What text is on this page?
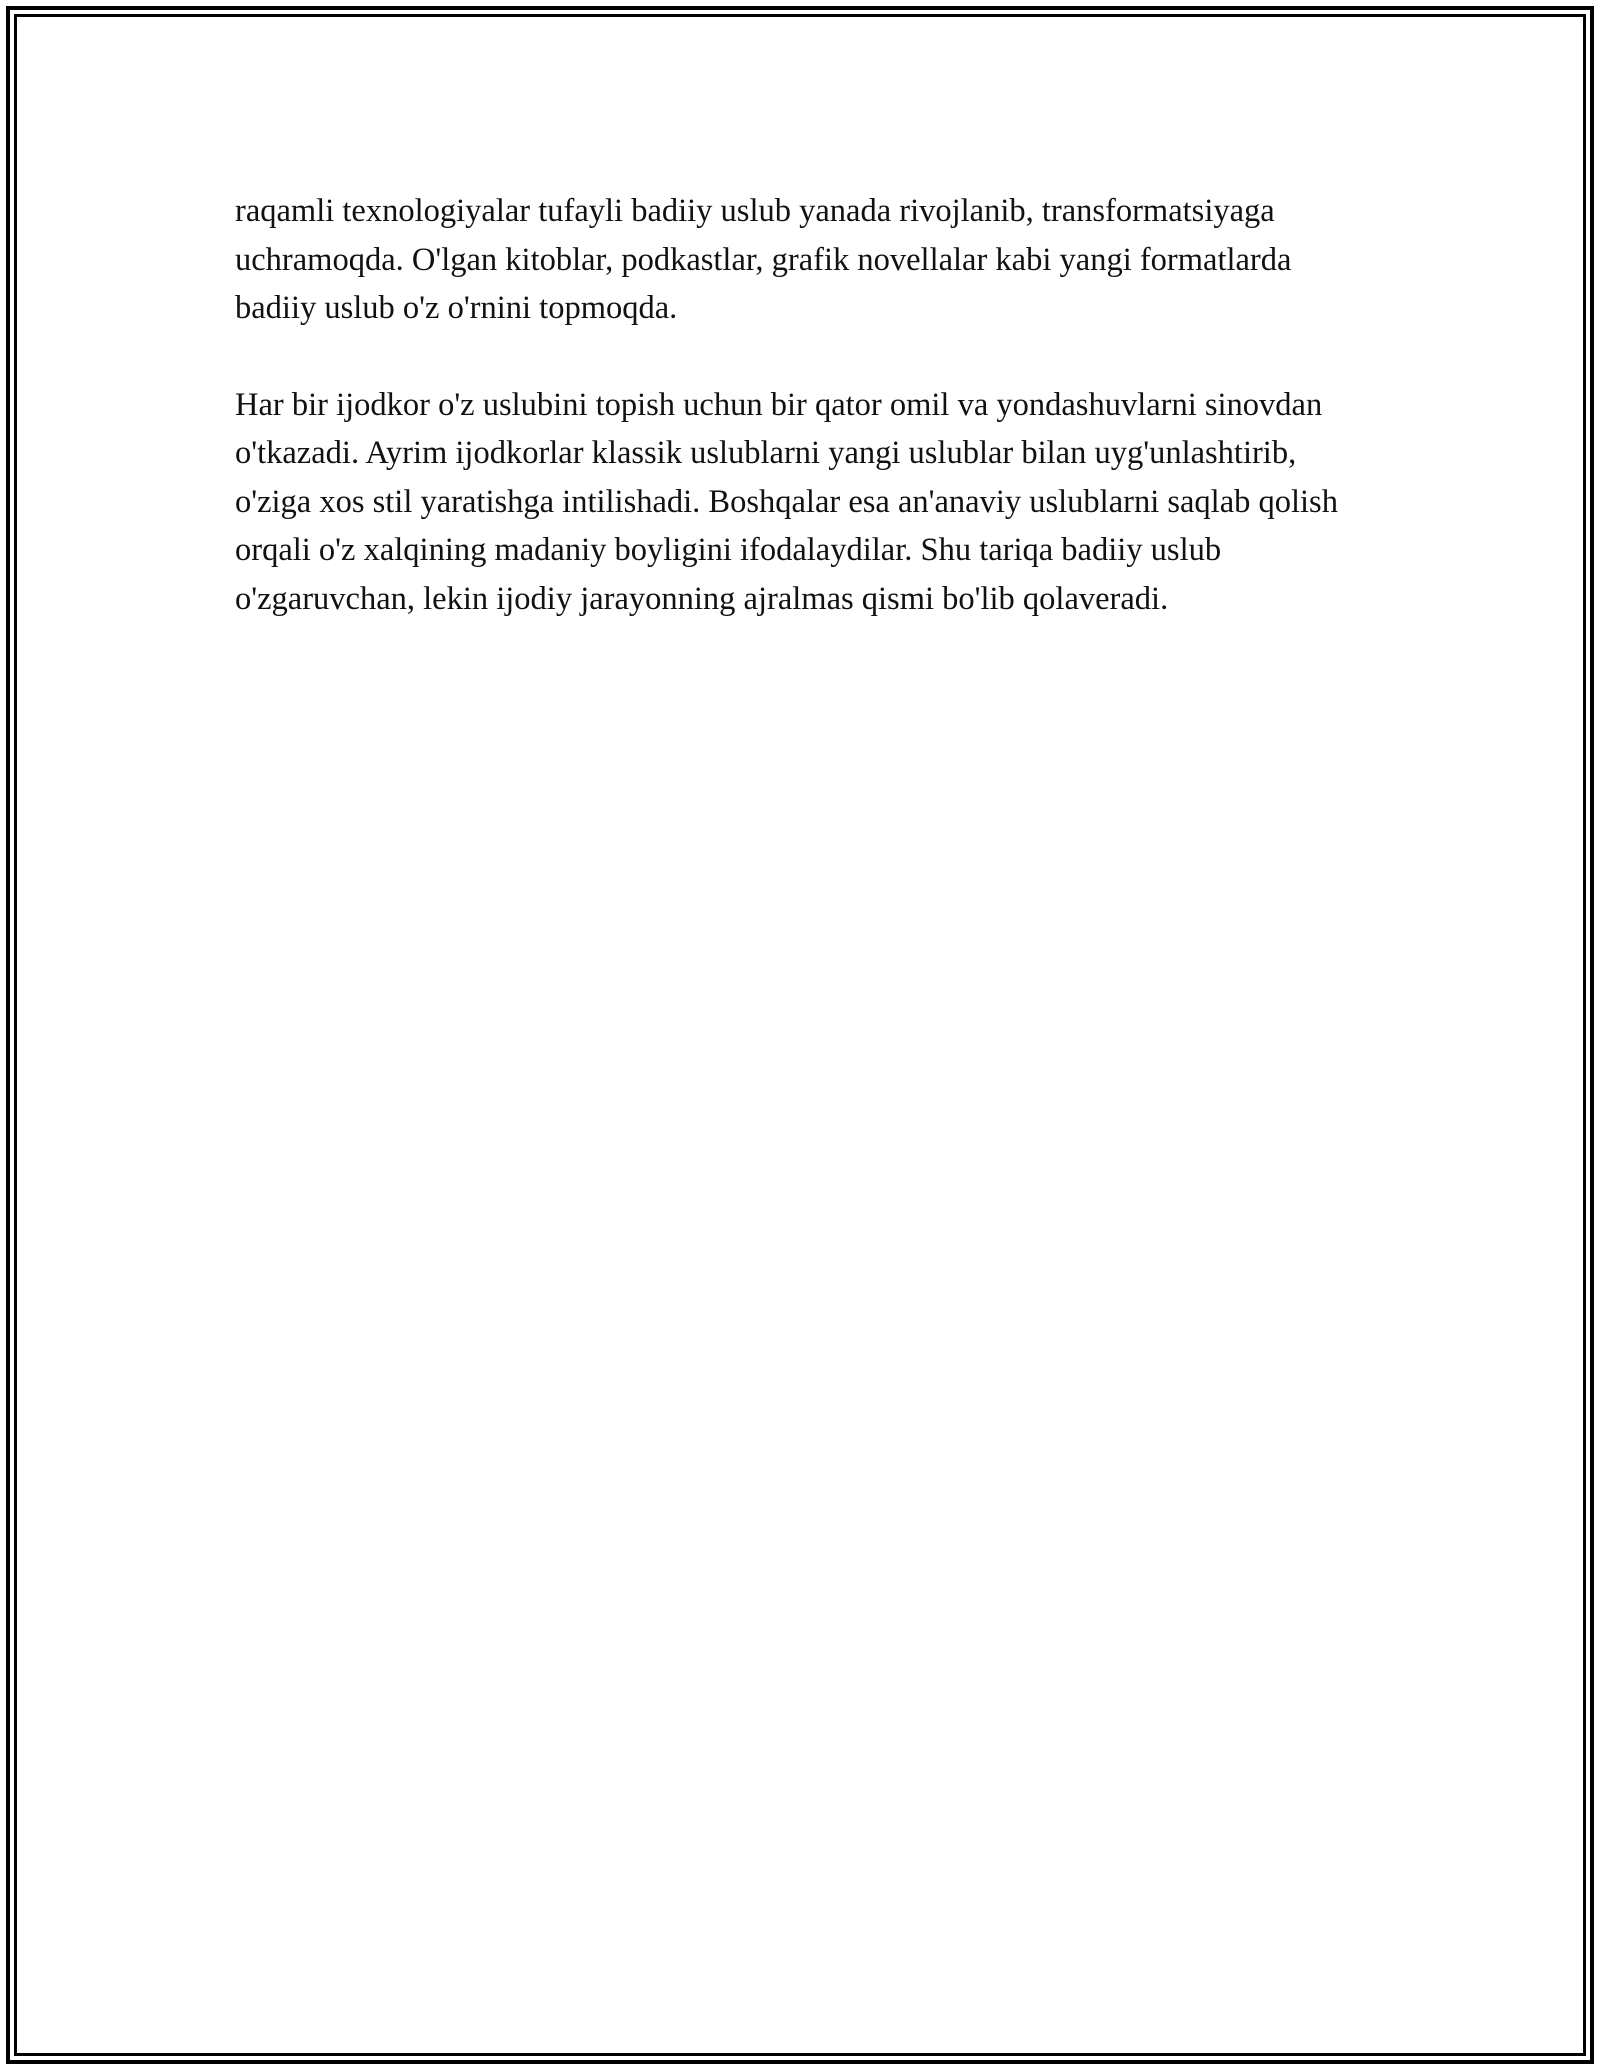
raqamli texnologiyalar tufayli badiiy uslub yanada rivojlanib, transformatsiyaga uchramoqda. O'lgan kitoblar, podkastlar, grafik novellalar kabi yangi formatlarda badiiy uslub o'z o'rnini topmoqda.

Har bir ijodkor o'z uslubini topish uchun bir qator omil va yondashuvlarni sinovdan o'tkazadi. Ayrim ijodkorlar klassik uslublarni yangi uslublar bilan uyg'unlashtirib, o'ziga xos stil yaratishga intilishadi. Boshqalar esa an'anaviy uslublarni saqlab qolish orqali o'z xalqining madaniy boyligini ifodalaydilar. Shu tariqa badiiy uslub o'zgaruvchan, lekin ijodiy jarayonning ajralmas qismi bo'lib qolaveradi.
